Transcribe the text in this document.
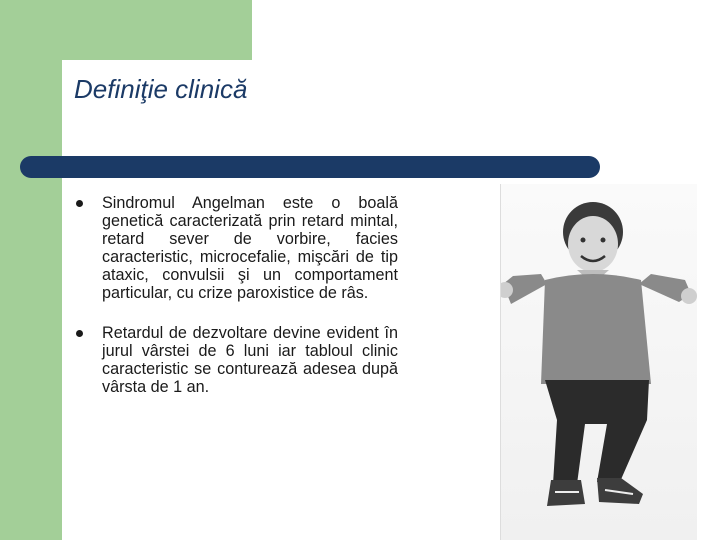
Definiţie clinică
Sindromul Angelman este o boală genetică caracterizată prin retard mintal, retard sever de vorbire, facies caracteristic, microcefalie, mişcări de tip ataxic, convulsii şi un comportament particular, cu crize paroxistice de râs.
Retardul de dezvoltare devine evident în jurul vârstei de 6 luni iar tabloul clinic caracteristic se conturează adesea după vârsta de 1 an.
